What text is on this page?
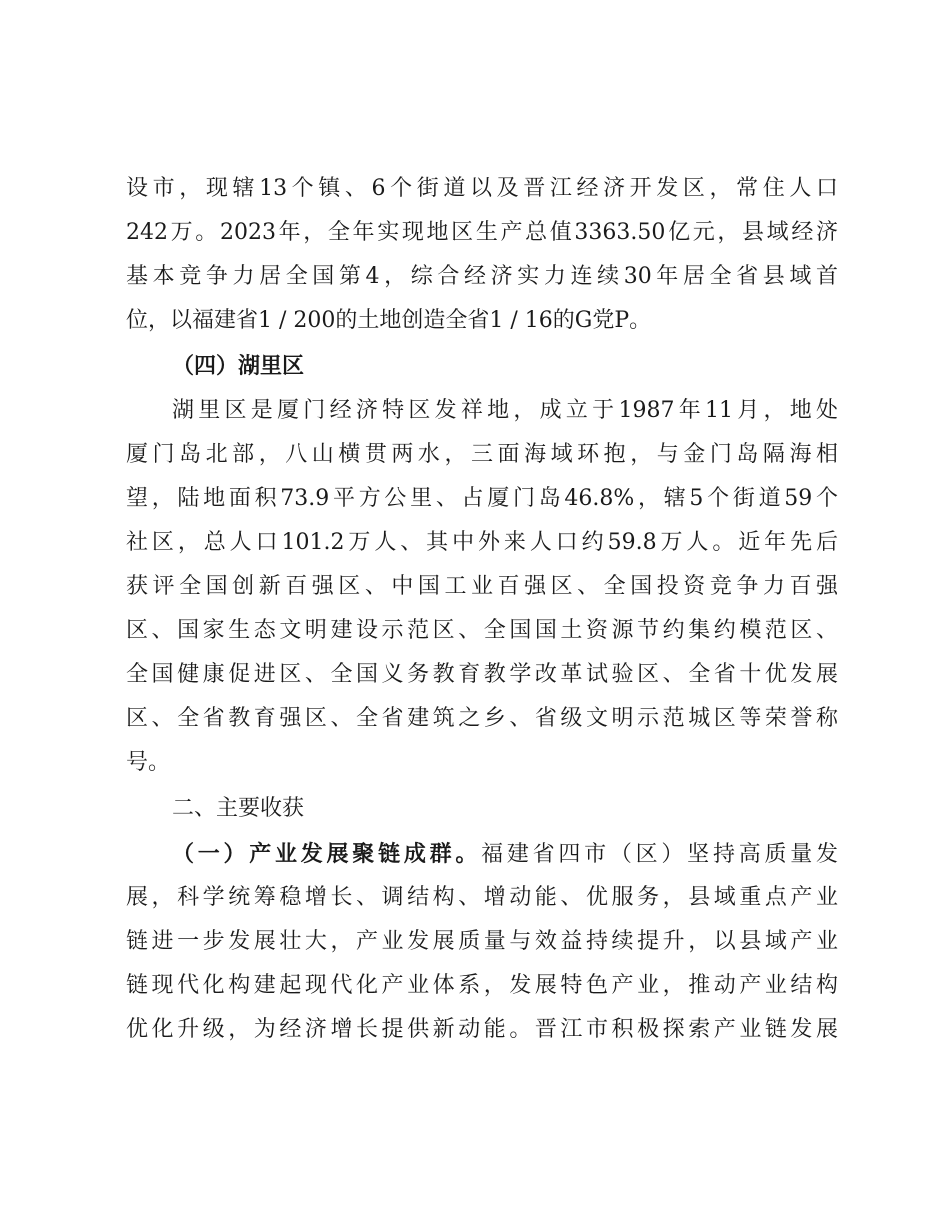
设市，现辖13个镇、6个街道以及晋江经济开发区，常住人口
242万。2023年，全年实现地区生产总值3363.50亿元，县域经济
基本竞争力居全国第4，综合经济实力连续30年居全省县域首
位，以福建省1 / 200的土地创造全省1 / 16的G党P。
（四）湖里区
湖里区是厦门经济特区发祥地，成立于1987年11月，地处
厦门岛北部，八山横贯两水，三面海域环抱，与金门岛隔海相
望，陆地面积73.9平方公里、占厦门岛46.8%，辖5个街道59个
社区，总人口101.2万人、其中外来人口约59.8万人。近年先后
获评全国创新百强区、中国工业百强区、全国投资竞争力百强
区、国家生态文明建设示范区、全国国土资源节约集约模范区、
全国健康促进区、全国义务教育教学改革试验区、全省十优发展
区、全省教育强区、全省建筑之乡、省级文明示范城区等荣誉称
号。
二、主要收获
（一）产业发展聚链成群。福建省四市（区）坚持高质量发
展，科学统筹稳增长、调结构、增动能、优服务，县域重点产业
链进一步发展壮大，产业发展质量与效益持续提升，以县域产业
链现代化构建起现代化产业体系，发展特色产业，推动产业结构
优化升级，为经济增长提供新动能。晋江市积极探索产业链发展
